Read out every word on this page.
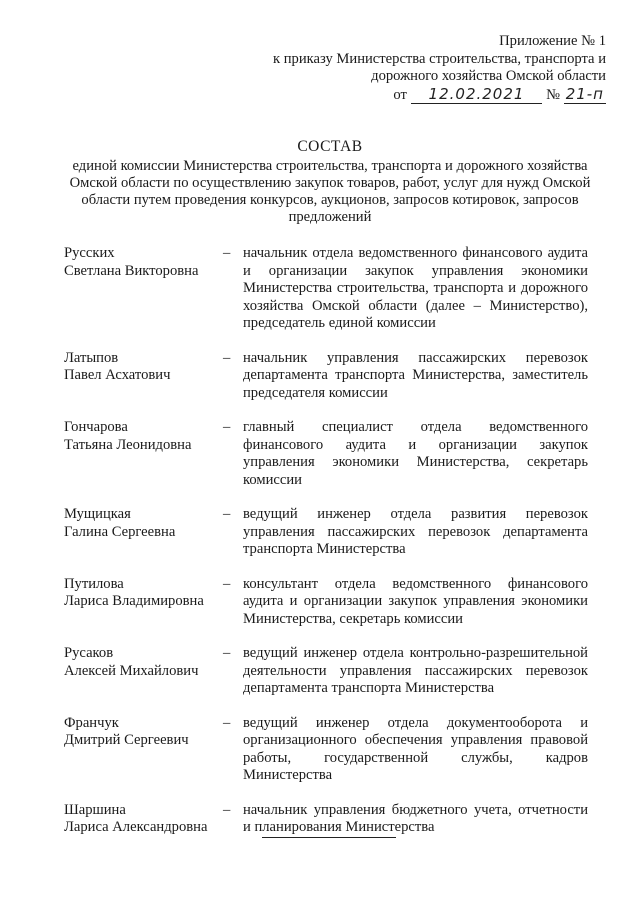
Приложение № 1
к приказу Министерства строительства, транспорта и
дорожного хозяйства Омской области
от 12.02.2021 № 21-п
СОСТАВ
единой комиссии Министерства строительства, транспорта и дорожного хозяйства Омской области по осуществлению закупок товаров, работ, услуг для нужд Омской области путем проведения конкурсов, аукционов, запросов котировок, запросов предложений
Русских
Светлана Викторовна
– начальник отдела ведомственного финансового аудита и организации закупок управления экономики Министерства строительства, транспорта и дорожного хозяйства Омской области (далее – Министерство), председатель единой комиссии
Латыпов
Павел Асхатович
– начальник управления пассажирских перевозок департамента транспорта Министерства, заместитель председателя комиссии
Гончарова
Татьяна Леонидовна
– главный специалист отдела ведомственного финансового аудита и организации закупок управления экономики Министерства, секретарь комиссии
Мущицкая
Галина Сергеевна
– ведущий инженер отдела развития перевозок управления пассажирских перевозок департамента транспорта Министерства
Путилова
Лариса Владимировна
– консультант отдела ведомственного финансового аудита и организации закупок управления экономики Министерства, секретарь комиссии
Русаков
Алексей Михайлович
– ведущий инженер отдела контрольно-разрешительной деятельности управления пассажирских перевозок департамента транспорта Министерства
Франчук
Дмитрий Сергеевич
– ведущий инженер отдела документооборота и организационного обеспечения управления правовой работы, государственной службы, кадров Министерства
Шаршина
Лариса Александровна
– начальник управления бюджетного учета, отчетности и планирования Министерства
